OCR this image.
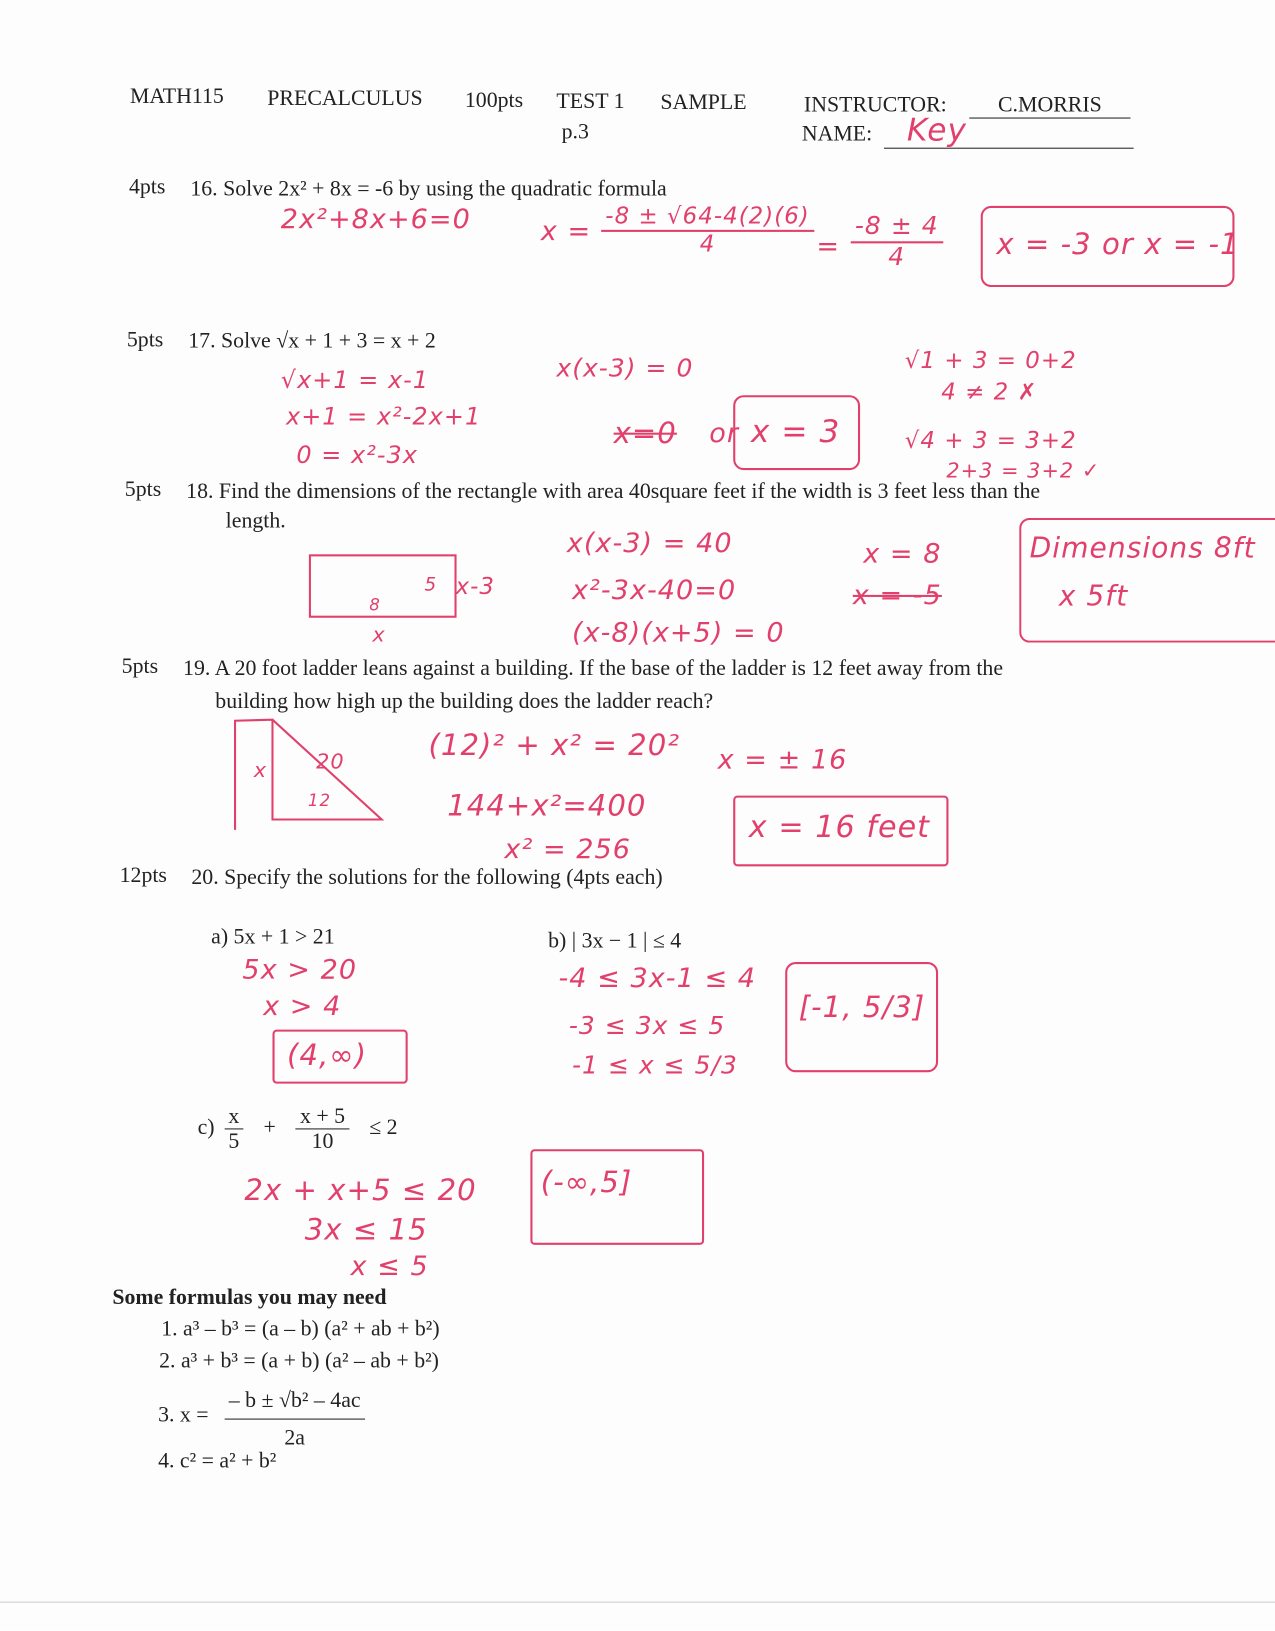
MATH115 PRECALCULUS 100pts TEST 1 SAMPLE
p.3
INSTRUCTOR:	C.MORRIS
NAME: Key
4pts 16. Solve 2x² + 8x = -6 by using the quadratic formula
2x²+8x+6=0	$x = \frac{-8 \pm √64-4(2)(6)}{4} = \frac{-8 \pm 4}{4}$ x = -3 or x = -1
5pts 17. Solve √x + 1 + 3 = x + 2
√x+1 = x-1
x+1 = x²-2x+1
0 = x²-3x
x(x-3) = 0
x=0 or x = 3
√1 + 3 = 0+2
4 ≠ 2 ✗
√4 + 3 = 3+2
2+3 = 3+2 ✓
5pts 18. Find the dimensions of the rectangle with area 40square feet if the width is 3 feet less than the
length.
5 x-3
8
x
x(x-3) = 40
x²-3x-40=0
(x-8)(x+5) = 0
x = 8
x = -5
Dimensions 8ft
x 5ft
5pts 19. A 20 foot ladder leans against a building. If the base of the ladder is 12 feet away from the
building how high up the building does the ladder reach?
x 20
12
(12)² + x² = 20²
144+x²=400
x² = 256
x = ± 16
x = 16 feet
12pts 20. Specify the solutions for the following (4pts each)
a) 5x + 1 > 21
5x > 20
x > 4
(4,∞)
b) | 3x − 1 | ≤ 4
-4 ≤ 3x-1 ≤ 4
-3 ≤ 3x ≤ 5
-1 ≤ x ≤ 5/3
[-1, 5/3]
$c) \frac{x}{5} + \frac{x + 5}{10} \le 2$
2x + x+5 ≤ 20
3x ≤ 15
x ≤ 5
(-∞,5]
Some formulas you may need
1. a³ – b³ = (a – b) (a² + ab + b²)
2. a³ + b³ = (a + b) (a² – ab + b²)
3. $x = \frac{\text{– b ± √b² – 4ac}}{2a}$
4. c² = a² + b²
